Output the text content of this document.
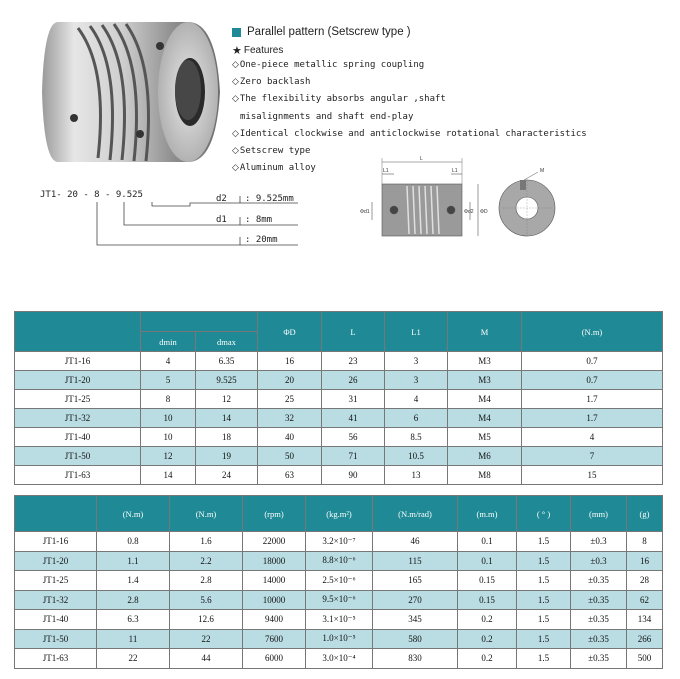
Parallel pattern (Setscrew type )
★ Features
◇One-piece metallic spring coupling
◇Zero backlash
◇The flexibility absorbs angular ,shaft
misalignments and shaft end-play
◇Identical clockwise and anticlockwise rotational characteristics
◇Setscrew type
◇Aluminum alloy
JT1- 20 - 8 - 9.525	d2 : 9.525mm
d1 : 8mm
: 20mm
L
L1	L1
Φd1	Φd2 ΦD
M
			ΦD	L	L1	M	(N.m)
	dmin	dmax					
JT1-16	4	6.35	16	23	3	M3	0.7
JT1-20	5	9.525	20	26	3	M3	0.7
JT1-25	8	12	25	31	4	M4	1.7
JT1-32	10	14	32	41	6	M4	1.7
JT1-40	10	18	40	56	8.5	M5	4
JT1-50	12	19	50	71	10.5	M6	7
JT1-63	14	24	63	90	13	M8	15
	(N.m)	(N.m)	(rpm)	(kg.m²)	(N.m/rad)	(m.m)	( ° )	(mm)	(g)
JT1-16	0.8	1.6	22000	3.2×10⁻⁷	46	0.1	1.5	±0.3	8
JT1-20	1.1	2.2	18000	8.8×10⁻⁶	115	0.1	1.5	±0.3	16
JT1-25	1.4	2.8	14000	2.5×10⁻⁶	165	0.15	1.5	±0.35	28
JT1-32	2.8	5.6	10000	9.5×10⁻⁶	270	0.15	1.5	±0.35	62
JT1-40	6.3	12.6	9400	3.1×10⁻⁵	345	0.2	1.5	±0.35	134
JT1-50	11	22	7600	1.0×10⁻⁵	580	0.2	1.5	±0.35	266
JT1-63	22	44	6000	3.0×10⁻⁴	830	0.2	1.5	±0.35	500
